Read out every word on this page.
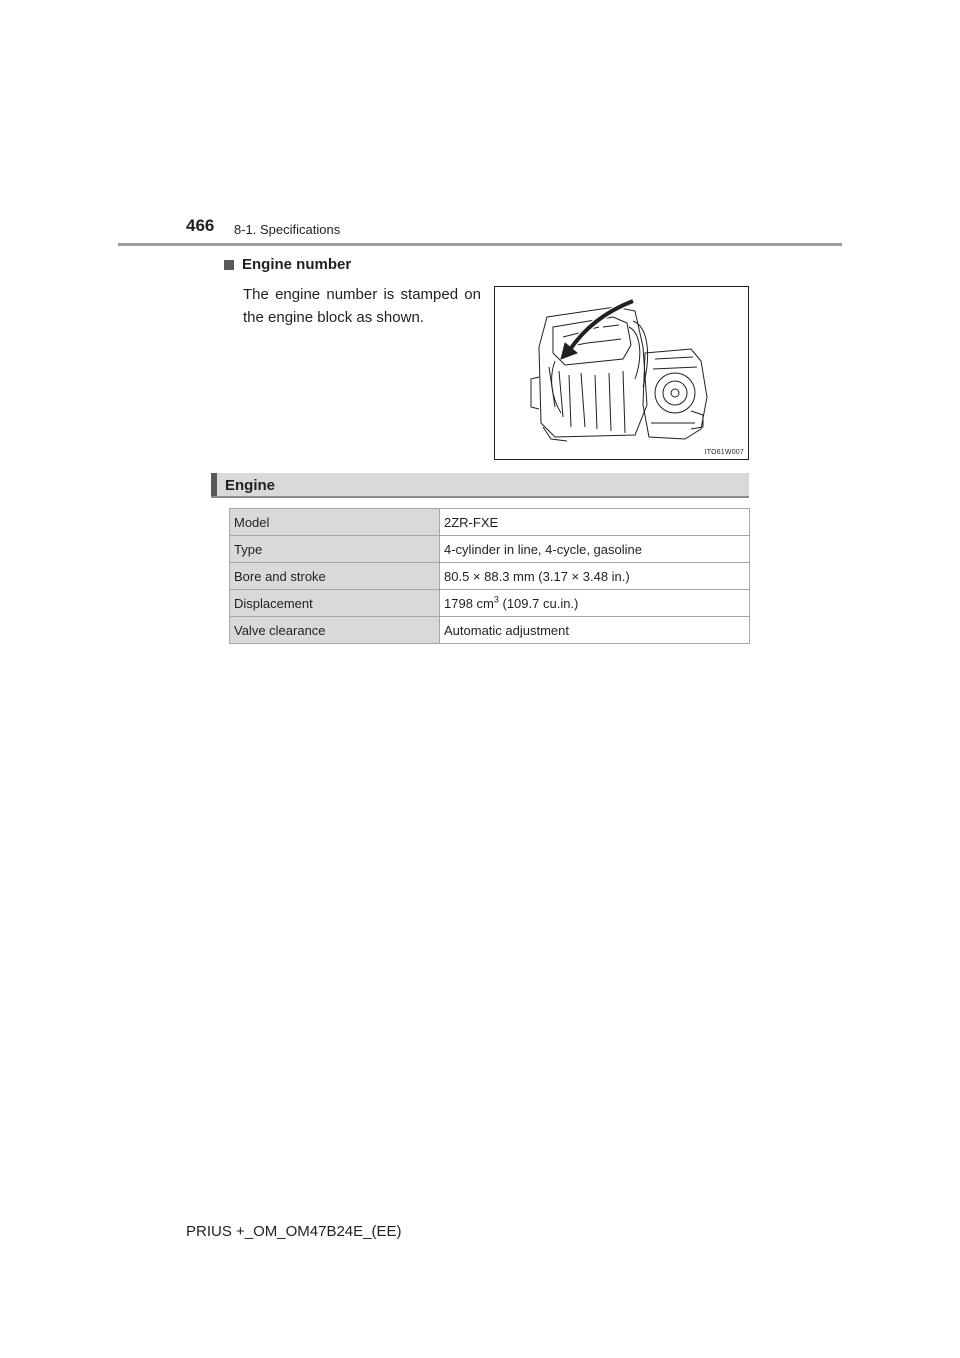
466 8-1. Specifications
Engine number
The engine number is stamped on the engine block as shown.
ITO61W007
Engine
Model	2ZR-FXE
Type	4-cylinder in line, 4-cycle, gasoline
Bore and stroke	80.5 × 88.3 mm (3.17 × 3.48 in.)
Displacement	1798 $cm^3$ (109.7 cu.in.)
Valve clearance	Automatic adjustment
PRIUS +_OM_OM47B24E_(EE)
